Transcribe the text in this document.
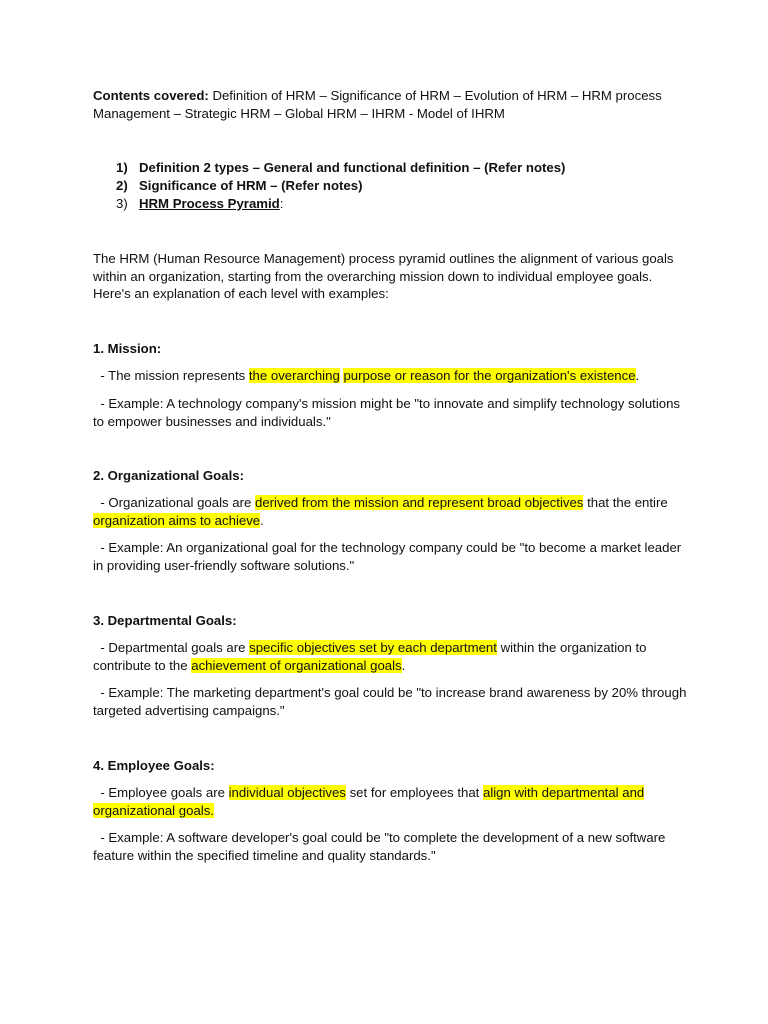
Contents covered: Definition of HRM – Significance of HRM – Evolution of HRM – HRM process Management – Strategic HRM – Global HRM – IHRM - Model of IHRM

1) Definition 2 types – General and functional definition – (Refer notes)
2) Significance of HRM – (Refer notes)
3) HRM Process Pyramid:

The HRM (Human Resource Management) process pyramid outlines the alignment of various goals within an organization, starting from the overarching mission down to individual employee goals. Here's an explanation of each level with examples:

1. Mission:

- The mission represents the overarching purpose or reason for the organization's existence.

- Example: A technology company's mission might be "to innovate and simplify technology solutions to empower businesses and individuals."

2. Organizational Goals:

- Organizational goals are derived from the mission and represent broad objectives that the entire organization aims to achieve.

- Example: An organizational goal for the technology company could be "to become a market leader in providing user-friendly software solutions."

3. Departmental Goals:

- Departmental goals are specific objectives set by each department within the organization to contribute to the achievement of organizational goals.

- Example: The marketing department's goal could be "to increase brand awareness by 20% through targeted advertising campaigns."

4. Employee Goals:

- Employee goals are individual objectives set for employees that align with departmental and organizational goals.

- Example: A software developer's goal could be "to complete the development of a new software feature within the specified timeline and quality standards."
